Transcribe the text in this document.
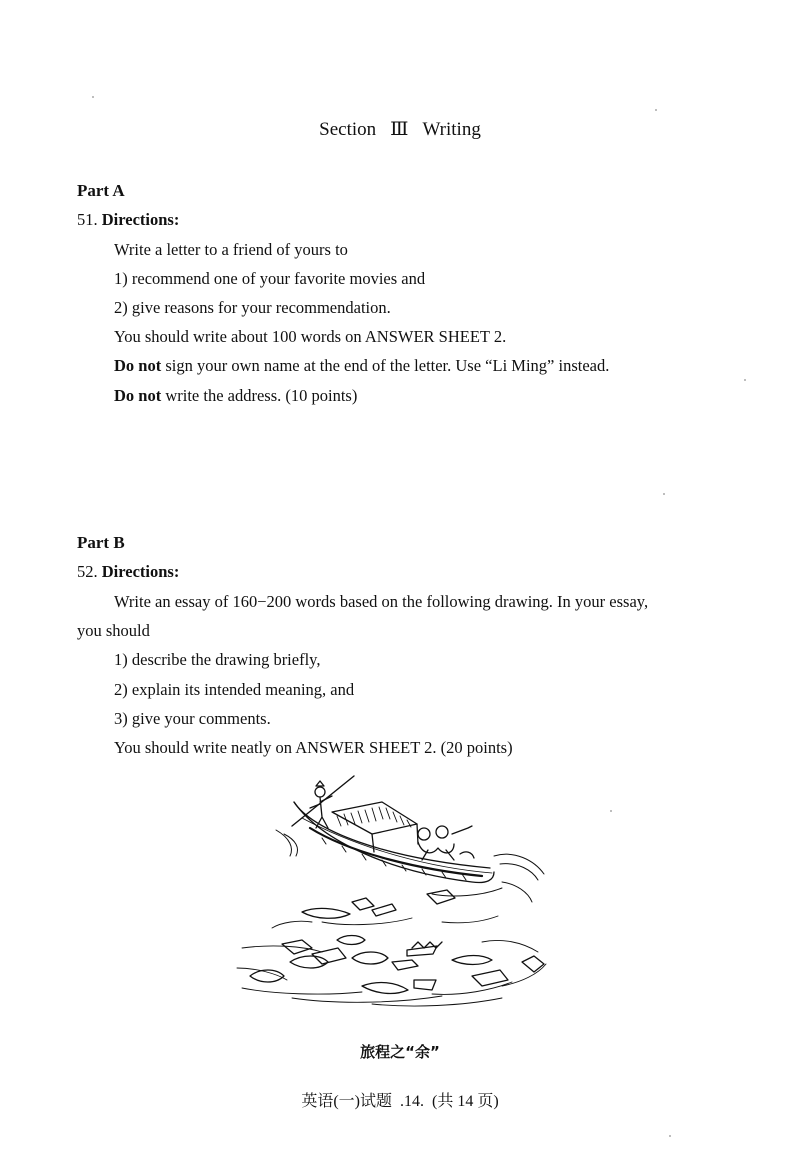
Section Ⅲ Writing
Part A
51. Directions:
Write a letter to a friend of yours to
1) recommend one of your favorite movies and
2) give reasons for your recommendation.
You should write about 100 words on ANSWER SHEET 2.
Do not sign your own name at the end of the letter. Use “Li Ming” instead.
Do not write the address. (10 points)
Part B
52. Directions:
Write an essay of 160−200 words based on the following drawing. In your essay,
you should
1) describe the drawing briefly,
2) explain its intended meaning, and
3) give your comments.
You should write neatly on ANSWER SHEET 2. (20 points)
旅程之“余”
英语(一)试题 .14. (共 14 页)
